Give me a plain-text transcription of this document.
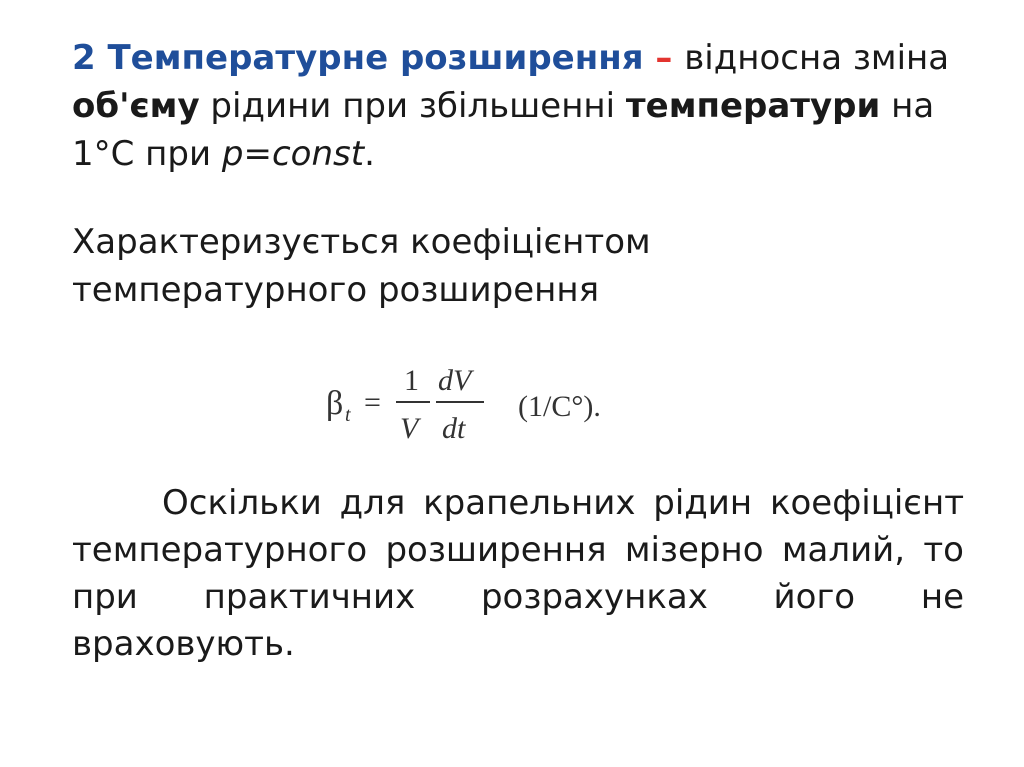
2 Температурне розширення – відносна зміна об'єму рідини при збільшенні температури на 1°С при p=const.
Характеризується коефіцієнтом температурного розширення
β t =
1
V
dV
dt
(1/C°).
Оскільки для крапельних рідин коефіцієнт температурного розширення мізерно малий, то при практичних розрахунках його не враховують.
